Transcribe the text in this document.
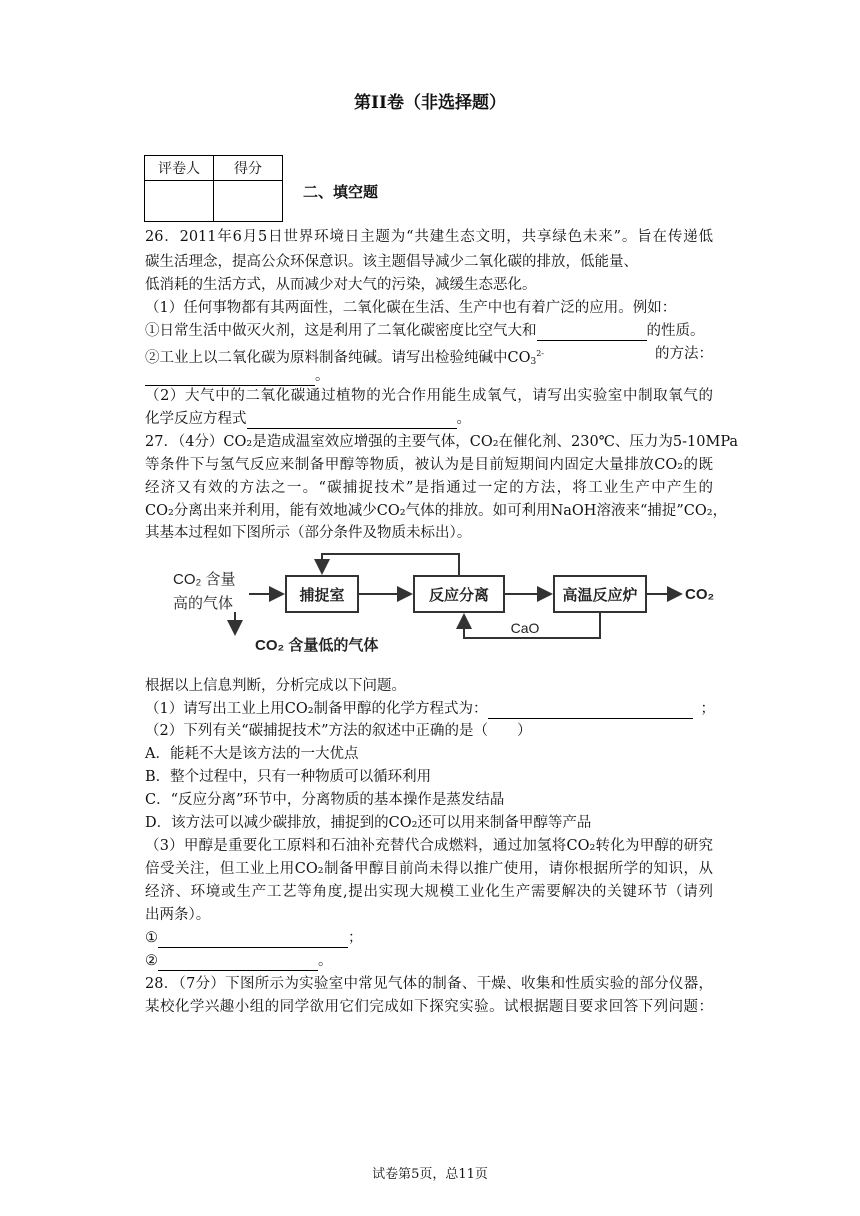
第II卷（非选择题）
评卷人	得分

二、填空题
26．2011年6月5日世界环境日主题为“共建生态文明，共享绿色未来”。旨在传递低
碳生活理念，提高公众环保意识。该主题倡导减少二氧化碳的排放，低能量、
低消耗的生活方式，从而减少对大气的污染，减缓生态恶化。
（1）任何事物都有其两面性，二氧化碳在生活、生产中也有着广泛的应用。例如：
①日常生活中做灭火剂，这是利用了二氧化碳密度比空气大和	的性质。
②工业上以二氧化碳为原料制备纯碱。请写出检验纯碱中$CO_3^{2-}$	的方法：
。
（2）大气中的二氧化碳通过植物的光合作用能生成氧气，请写出实验室中制取氧气的
化学反应方程式	。
27．（4分）CO₂是造成温室效应增强的主要气体，CO₂在催化剂、230℃、压力为5-10MPa
等条件下与氢气反应来制备甲醇等物质，被认为是目前短期间内固定大量排放CO₂的既
经济又有效的方法之一。“碳捕捉技术”是指通过一定的方法，将工业生产中产生的
CO₂分离出来并利用，能有效地减少CO₂气体的排放。如可利用NaOH溶液来“捕捉”CO₂，
其基本过程如下图所示（部分条件及物质未标出）。
CO₂ 含量
高的气体	捕捉室	反应分离	高温反应炉	CO₂
CaO
CO₂ 含量低的气体
根据以上信息判断，分析完成以下问题。
（1）请写出工业上用CO₂制备甲醇的化学方程式为：	；
（2）下列有关“碳捕捉技术”方法的叙述中正确的是（　　）
A．能耗不大是该方法的一大优点
B．整个过程中，只有一种物质可以循环利用
C．“反应分离”环节中，分离物质的基本操作是蒸发结晶
D．该方法可以减少碳排放，捕捉到的CO₂还可以用来制备甲醇等产品
（3）甲醇是重要化工原料和石油补充替代合成燃料，通过加氢将CO₂转化为甲醇的研究
倍受关注，但工业上用CO₂制备甲醇目前尚未得以推广使用，请你根据所学的知识，从
经济、环境或生产工艺等角度,提出实现大规模工业化生产需要解决的关键环节（请列
出两条）。
①	；
②	。
28．（7分）下图所示为实验室中常见气体的制备、干燥、收集和性质实验的部分仪器，
某校化学兴趣小组的同学欲用它们完成如下探究实验。试根据题目要求回答下列问题：
试卷第5页，总11页
